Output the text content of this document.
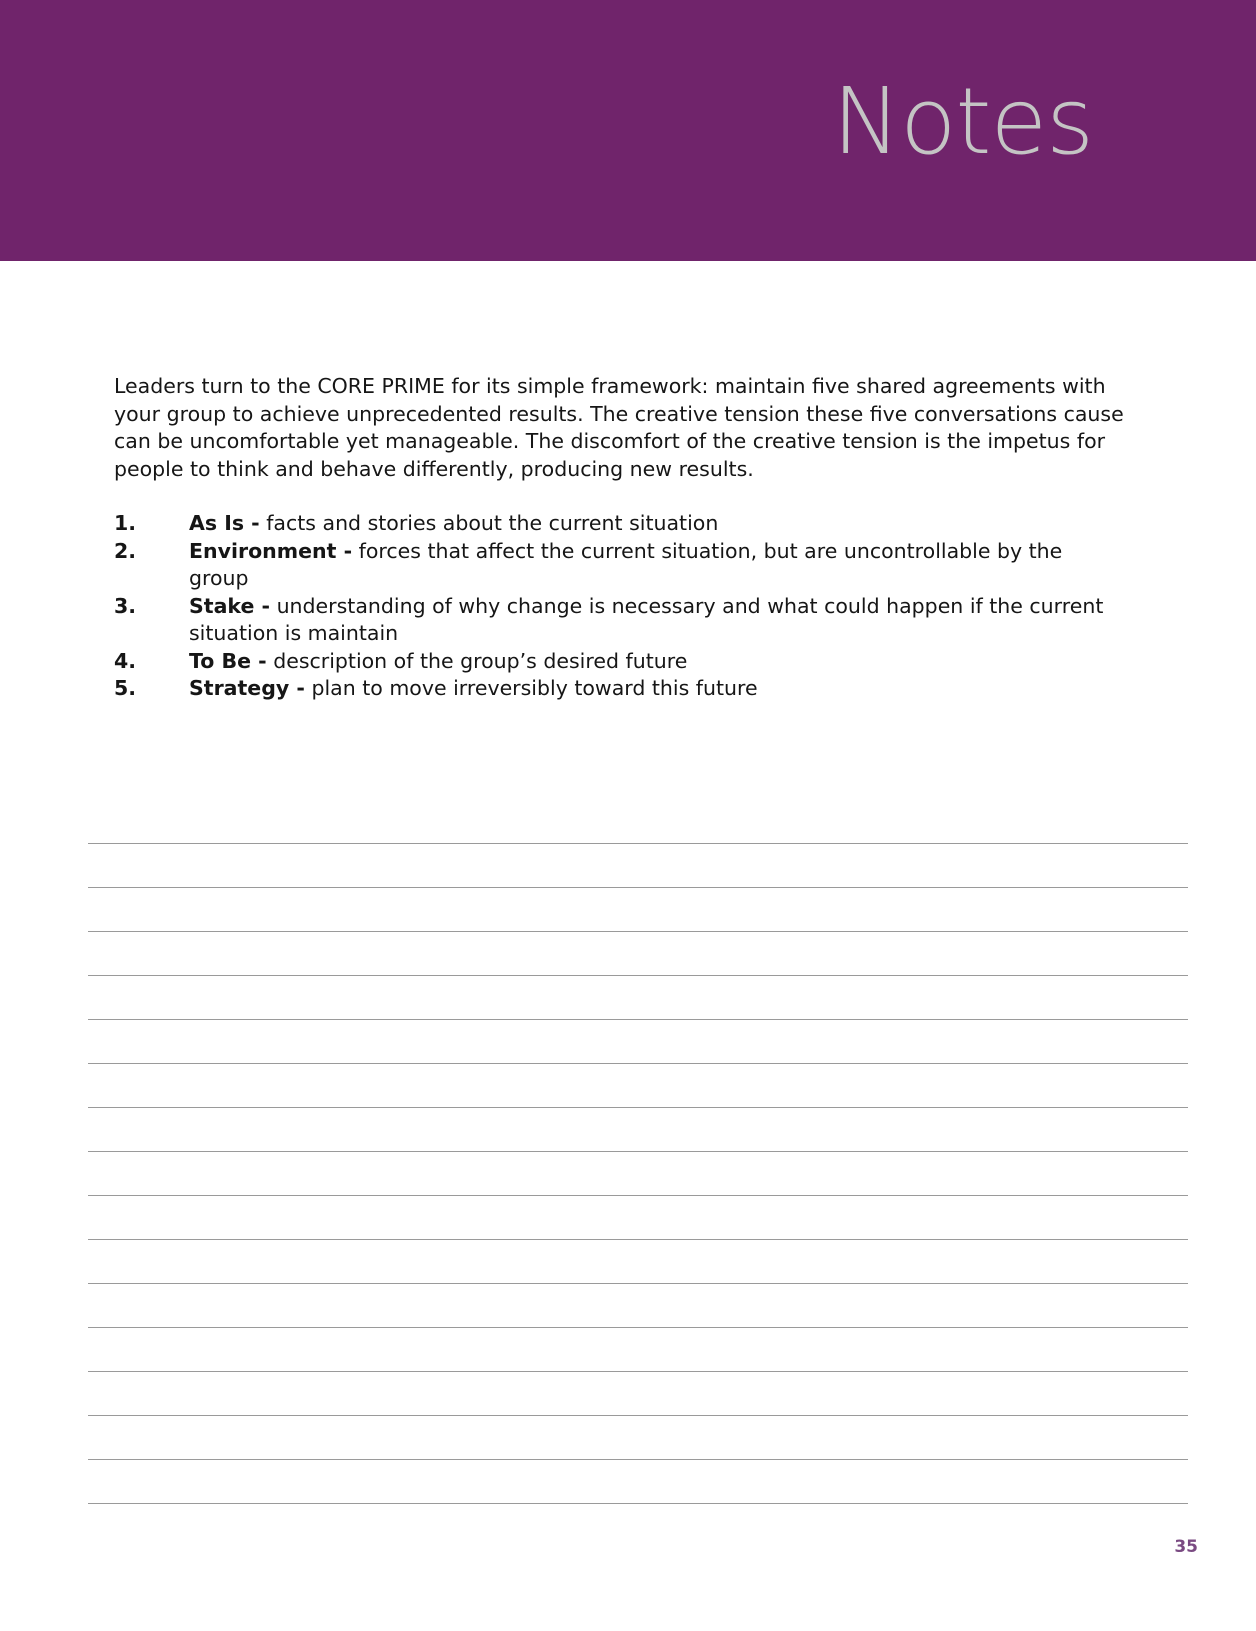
Notes

Leaders turn to the CORE PRIME for its simple framework: maintain five shared agreements with your group to achieve unprecedented results. The creative tension these five conversations cause can be uncomfortable yet manageable. The discomfort of the creative tension is the impetus for people to think and behave differently, producing new results.

1.	As Is - facts and stories about the current situation
2.	Environment - forces that affect the current situation, but are uncontrollable by the group
3.	Stake - understanding of why change is necessary and what could happen if the current situation is maintain
4.	To Be - description of the group’s desired future
5.	Strategy - plan to move irreversibly toward this future
35
